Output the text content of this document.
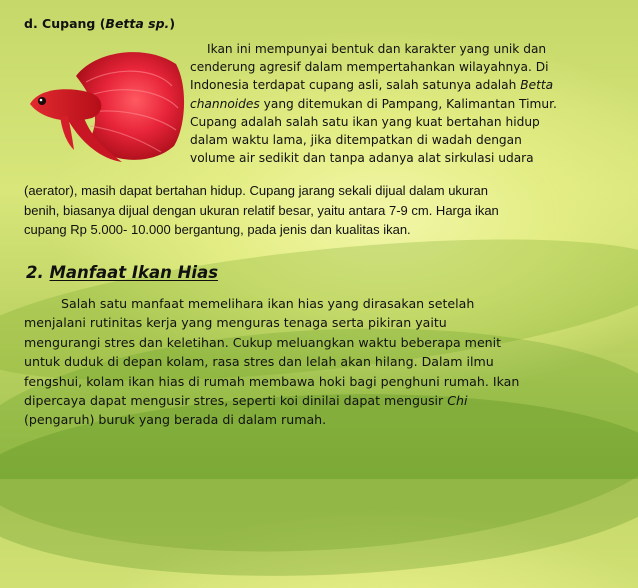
d. Cupang (Betta sp.)

Ikan ini mempunyai bentuk dan karakter yang unik dan
cenderung agresif dalam mempertahankan wilayahnya. Di
Indonesia terdapat cupang asli, salah satunya adalah Betta
channoides yang ditemukan di Pampang, Kalimantan Timur.
Cupang adalah salah satu ikan yang kuat bertahan hidup
dalam waktu lama, jika ditempatkan di wadah dengan
volume air sedikit dan tanpa adanya alat sirkulasi udara

(aerator), masih dapat bertahan hidup. Cupang jarang sekali dijual dalam ukuran
benih, biasanya dijual dengan ukuran relatif besar, yaitu antara 7-9 cm. Harga ikan
cupang Rp 5.000- 10.000 bergantung, pada jenis dan kualitas ikan.

2. Manfaat Ikan Hias

Salah satu manfaat memelihara ikan hias yang dirasakan setelah
menjalani rutinitas kerja yang menguras tenaga serta pikiran yaitu
mengurangi stres dan keletihan. Cukup meluangkan waktu beberapa menit
untuk duduk di depan kolam, rasa stres dan lelah akan hilang. Dalam ilmu
fengshui, kolam ikan hias di rumah membawa hoki bagi penghuni rumah. Ikan
dipercaya dapat mengusir stres, seperti koi dinilai dapat mengusir Chi
(pengaruh) buruk yang berada di dalam rumah.
